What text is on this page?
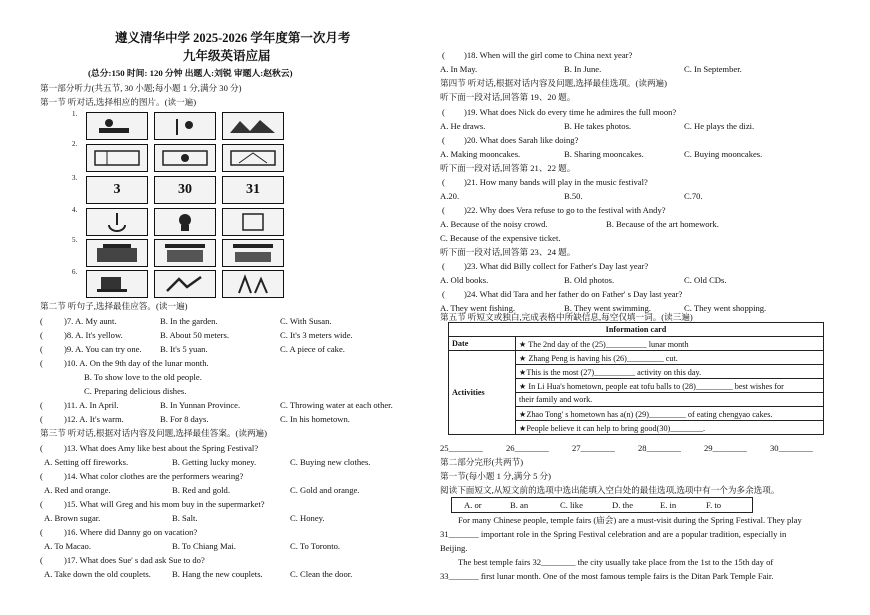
遵义清华中学 2025-2026 学年度第一次月考
九年级英语应届
(总分:150 时间: 120 分钟 出题人:刘锐 审题人:赵秋云)
第一部分听力(共五节, 30 小题;每小题 1 分,满分 30 分)
第一节 听对话,选择相应的图片。(读一遍)
1.
2.
3.
3	30	31
4.
5.
6.
第二节 听句子,选择最佳应答。(读一遍)
( )7. A. My aunt.	B. In the garden.	C. With Susan.
( )8. A. It's yellow.	B. About 50 meters.	C. It's 3 meters wide.
( )9. A. You can try one. B. It's 5 yuan.	C. A piece of cake.
( )10. A. On the 9th day of the lunar month.
B. To show love to the old people.
C. Preparing delicious dishes.
( )11. A. In April.	B. In Yunnan Province.	C. Throwing water at each other.
( )12. A. It's warm.	B. For 8 days.	C. In his hometown.
第三节 听对话,根据对话内容及问题,选择最佳答案。(读两遍)
( )13. What does Amy like best about the Spring Festival?
A. Setting off fireworks.	B. Getting lucky money.	C. Buying new clothes.
( )14. What color clothes are the performers wearing?
A. Red and orange.	B. Red and gold.	C. Gold and orange.
( )15. What will Greg and his mom buy in the supermarket?
A. Brown sugar.	B. Salt.	C. Honey.
( )16. Where did Danny go on vacation?
A. To Macao.	B. To Chiang Mai.	C. To Toronto.
( )17. What does Sue' s dad ask Sue to do?
A. Take down the old couplets. B. Hang the new couplets.	C. Clean the door.
( )18. When will the girl come to China next year?
A. In May.	B. In June.	C. In September.
第四节 听对话,根据对话内容及问题,选择最佳选项。(读两遍)
听下面一段对话,回答第 19、20 题。
( )19. What does Nick do every time he admires the full moon?
A. He draws.	B. He takes photos.	C. He plays the dizi.
( )20. What does Sarah like doing?
A. Making mooncakes.	B. Sharing mooncakes.	C. Buying mooncakes.
听下面一段对话,回答第 21、22 题。
( )21. How many bands will play in the music festival?
A.20.	B.50.	C.70.
( )22. Why does Vera refuse to go to the festival with Andy?
A. Because of the noisy crowd.	B. Because of the art homework.
C. Because of the expensive ticket.
听下面一段对话,回答第 23、24 题。
( )23. What did Billy collect for Father's Day last year?
A. Old books.	B. Old photos.	C. Old CDs.
( )24. What did Tara and her father do on Father' s Day last year?
A. They went fishing.	B. They went swimming.	C. They went shopping.
第五节 听短文或独白,完成表格中所缺信息,每空仅填一词。(读三遍)
Information card	
Date	★ The 2nd day of the (25)__________ lunar month
Activities	★ Zhang Peng is having his (26)_________ cut.
	★This is the most (27)__________ activity on this day.
	★ In Li Hua's hometown, people eat tofu balls to (28)_________ best wishes for
	their family and work.
	★Zhao Tong' s hometown has a(n) (29)_________ of eating chengyao cakes.
	★People believe it can help to bring good(30)________.
25________	26________	27________	28________	29________	30________
第二部分完形(共两节)
第一节(每小题 1 分,满分 5 分)
阅读下面短文,从短文前的选项中选出能填入空白处的最佳选项,选项中有一个为多余选项。
A. or	B. an	C. like	D. the	E. in	F. to
For many Chinese people, temple fairs (庙会) are a must-visit during the Spring Festival. They play
31_______ important role in the Spring Festival celebration and are a popular tradition, especially in
Beijing.
The best temple fairs 32________ the city usually take place from the 1st to the 15th day of
33_______ first lunar month. One of the most famous temple fairs is the Ditan Park Temple Fair.
